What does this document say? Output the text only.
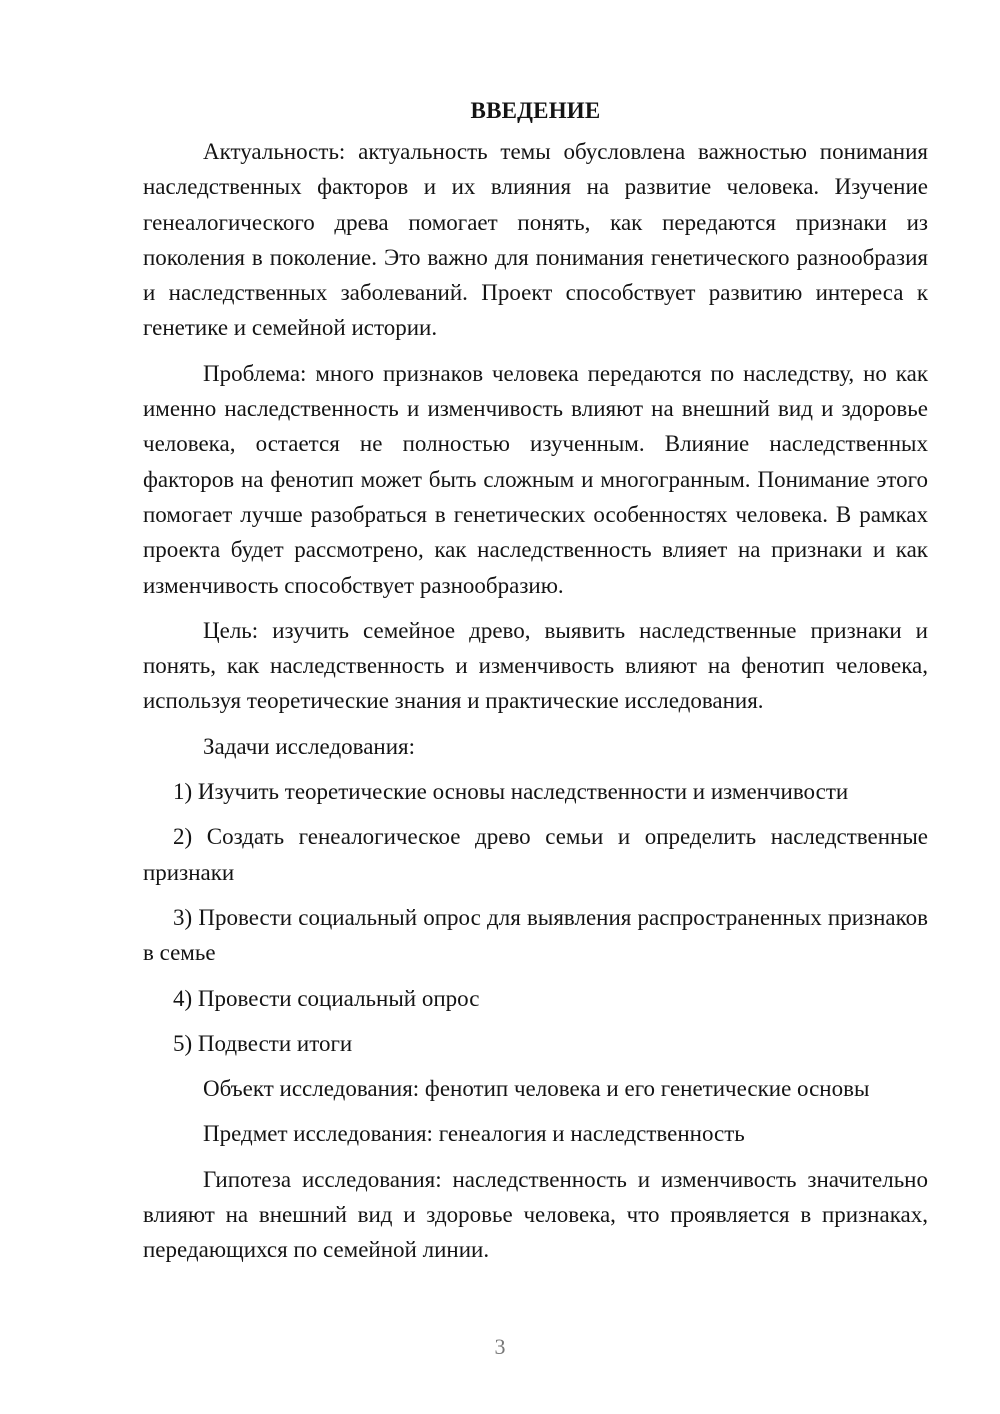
ВВЕДЕНИЕ

Актуальность: актуальность темы обусловлена важностью понимания наследственных факторов и их влияния на развитие человека. Изучение генеалогического древа помогает понять, как передаются признаки из поколения в поколение. Это важно для понимания генетического разнообразия и наследственных заболеваний. Проект способствует развитию интереса к генетике и семейной истории.

Проблема: много признаков человека передаются по наследству, но как именно наследственность и изменчивость влияют на внешний вид и здоровье человека, остается не полностью изученным. Влияние наследственных факторов на фенотип может быть сложным и многогранным. Понимание этого помогает лучше разобраться в генетических особенностях человека. В рамках проекта будет рассмотрено, как наследственность влияет на признаки и как изменчивость способствует разнообразию.

Цель: изучить семейное древо, выявить наследственные признаки и понять, как наследственность и изменчивость влияют на фенотип человека, используя теоретические знания и практические исследования.

Задачи исследования:

1) Изучить теоретические основы наследственности и изменчивости

2) Создать генеалогическое древо семьи и определить наследственные признаки

3) Провести социальный опрос для выявления распространенных признаков в семье

4) Провести социальный опрос

5) Подвести итоги

Объект исследования: фенотип человека и его генетические основы

Предмет исследования: генеалогия и наследственность

Гипотеза исследования: наследственность и изменчивость значительно влияют на внешний вид и здоровье человека, что проявляется в признаках, передающихся по семейной линии.

3
